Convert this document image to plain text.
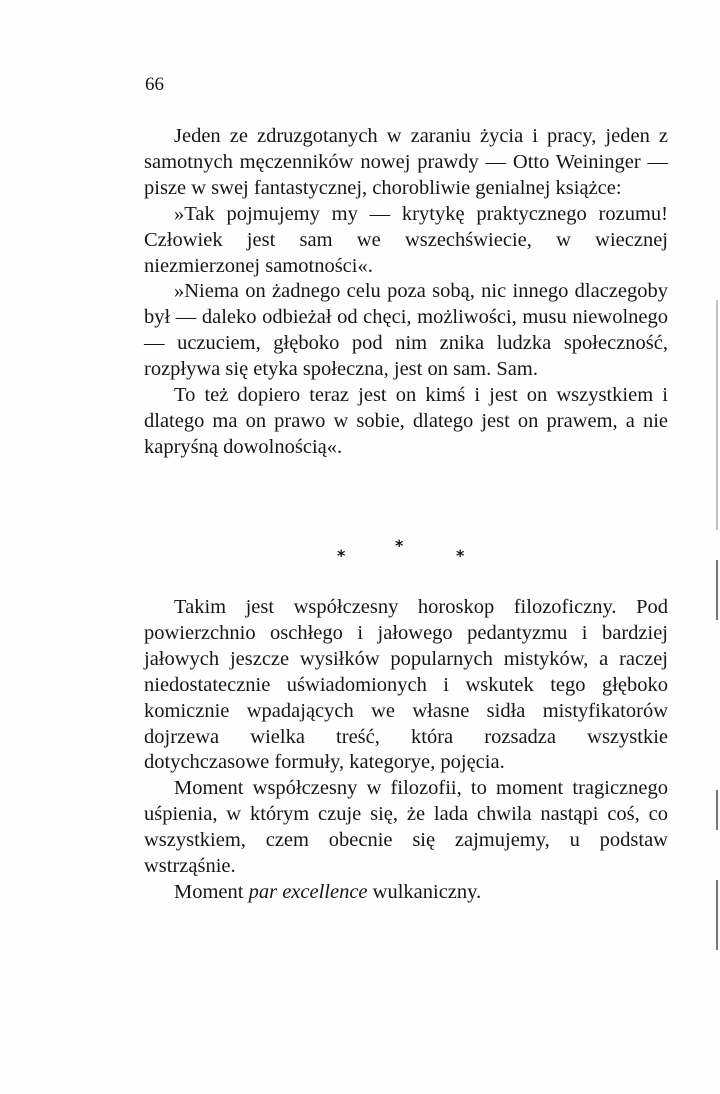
66

Jeden ze zdruzgotanych w zaraniu życia i pracy, jeden z samotnych męczenników nowej prawdy — Otto Weininger — pisze w swej fantastycznej, chorobliwie genialnej książce:

»Tak pojmujemy my — krytykę praktycznego rozumu! Człowiek jest sam we wszechświecie, w wiecznej niezmierzonej samotności«.

»Niema on żadnego celu poza sobą, nic innego dlaczegoby był — daleko odbieżał od chęci, możliwości, musu niewolnego — uczuciem, głęboko pod nim znika ludzka społeczność, rozpływa się etyka społeczna, jest on sam. Sam.

To też dopiero teraz jest on kimś i jest on wszystkiem i dlatego ma on prawo w sobie, dlatego jest on prawem, a nie kapryśną dowolnością«.

*
*
*

Takim jest współczesny horoskop filozoficzny. Pod powierzchnio oschłego i jałowego pedantyzmu i bardziej jałowych jeszcze wysiłków popularnych mistyków, a raczej niedostatecznie uświadomionych i wskutek tego głęboko komicznie wpadających we własne sidła mistyfikatorów dojrzewa wielka treść, która rozsadza wszystkie dotychczasowe formuły, kategorye, pojęcia.

Moment współczesny w filozofii, to moment tragicznego uśpienia, w którym czuje się, że lada chwila nastąpi coś, co wszystkiem, czem obecnie się zajmujemy, u podstaw wstrząśnie.

Moment par excellence wulkaniczny.
